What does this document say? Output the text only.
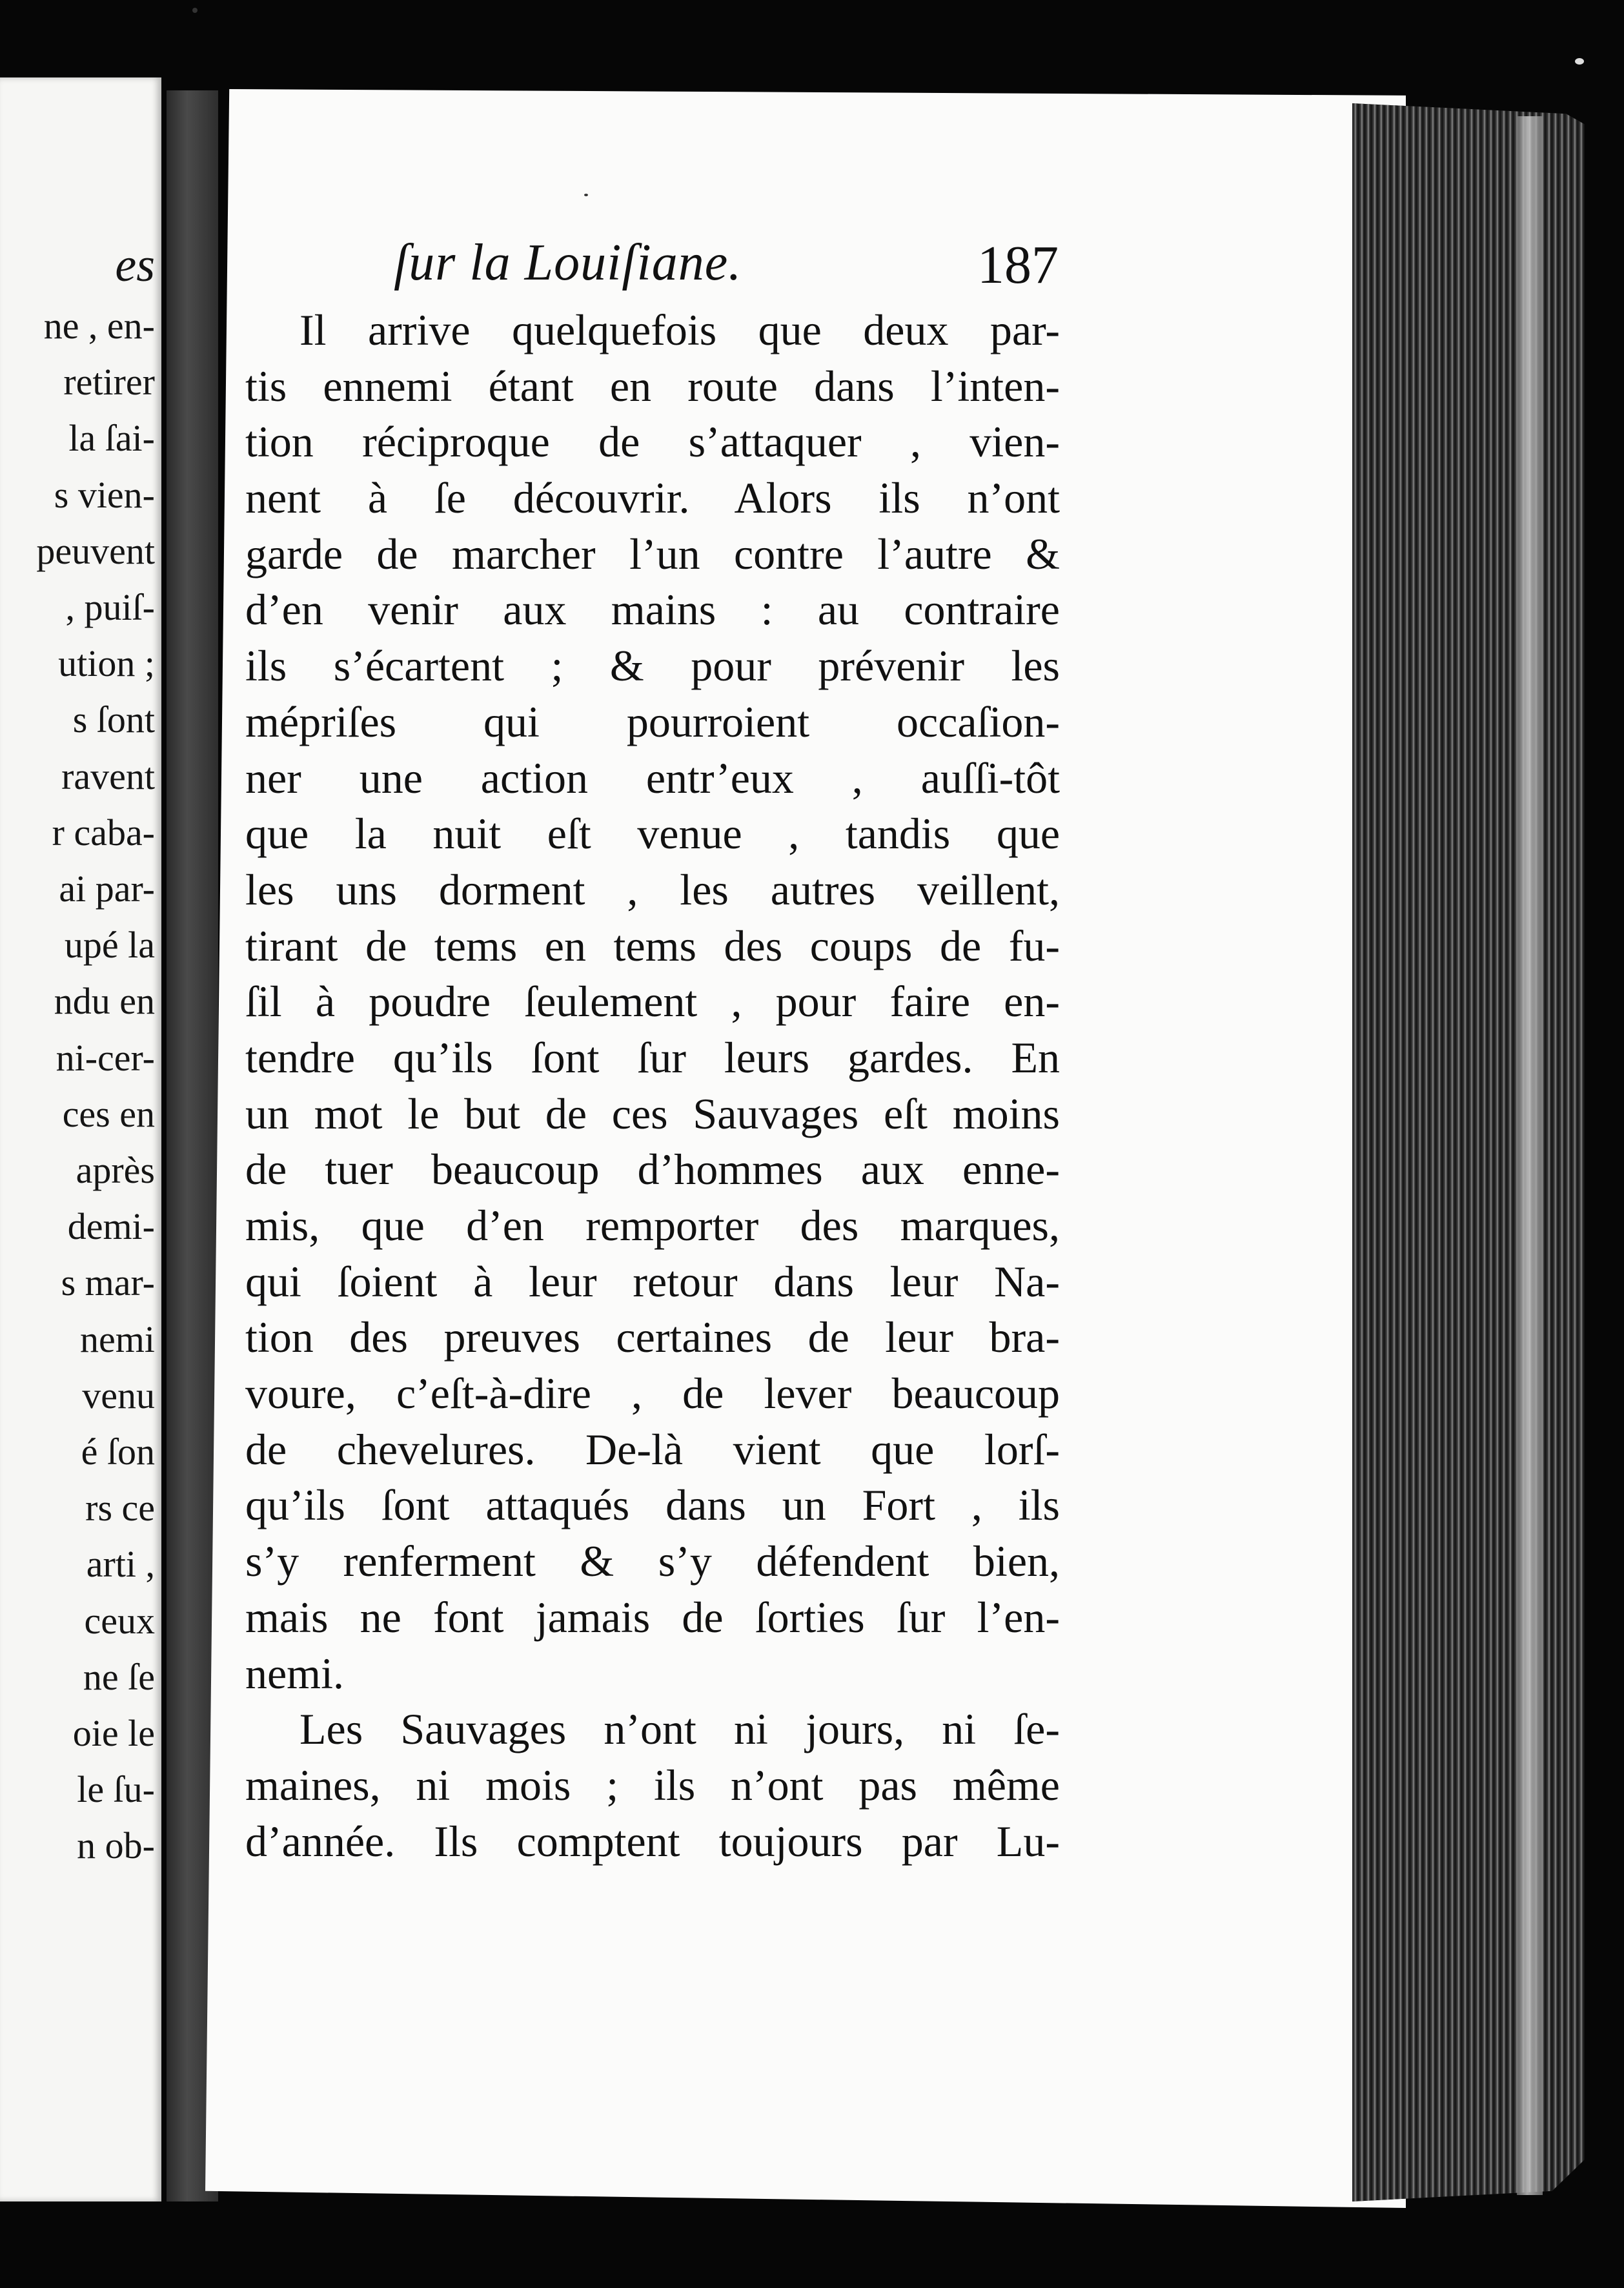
es
ne , en-
retirer
la ſai-
s vien-
peuvent
, puiſ-
ution ;
s ſont
ravent
r caba-
ai par-
upé la
ndu en
ni-cer-
ces en
après
demi-
s mar-
nemi
venu
é ſon
rs ce
arti ,
ceux
ne ſe
oie le
le ſu-
n ob-
ſur la Louiſiane.	187
Il arrive quelquefois que deux par-
tis ennemi étant en route dans l’inten-
tion réciproque de s’attaquer , vien-
nent à ſe découvrir. Alors ils n’ont
garde de marcher l’un contre l’autre &
d’en venir aux mains : au contraire
ils s’écartent ; & pour prévenir les
mépriſes qui pourroient occaſion-
ner une action entr’eux , auſſi-tôt
que la nuit eſt venue , tandis que
les uns dorment , les autres veillent,
tirant de tems en tems des coups de fu-
ſil à poudre ſeulement , pour faire en-
tendre qu’ils ſont ſur leurs gardes. En
un mot le but de ces Sauvages eſt moins
de tuer beaucoup d’hommes aux enne-
mis, que d’en remporter des marques,
qui ſoient à leur retour dans leur Na-
tion des preuves certaines de leur bra-
voure, c’eſt-à-dire , de lever beaucoup
de chevelures. De-là vient que lorſ-
qu’ils ſont attaqués dans un Fort , ils
s’y renferment & s’y défendent bien,
mais ne font jamais de ſorties ſur l’en-
nemi.
Les Sauvages n’ont ni jours, ni ſe-
maines, ni mois ; ils n’ont pas même
d’année. Ils comptent toujours par Lu-
